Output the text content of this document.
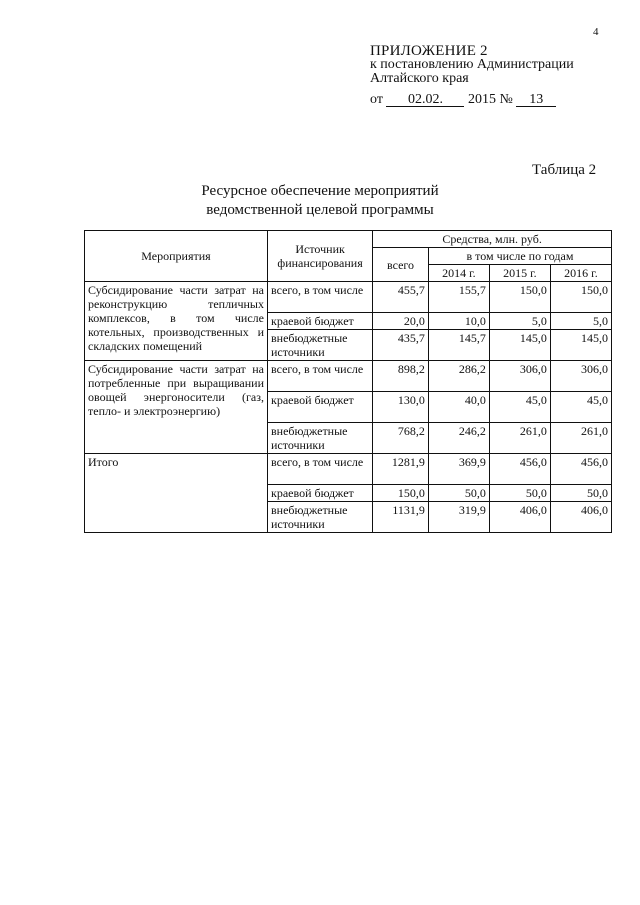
4
ПРИЛОЖЕНИЕ 2
к постановлению Администрации
Алтайского края
от 02.02. 2015 № 13
Таблица 2
Ресурсное обеспечение мероприятий
ведомственной целевой программы
Мероприятия	Источник финансирования	Средства, млн. руб.			
		всего	в том числе по годам		
			2014 г.	2015 г.	2016 г.
Субсидирование части затрат на реконструкцию тепличных комплексов, в том числе котельных, производственных и складских помещений	всего, в том числе	455,7	155,7	150,0	150,0
	краевой бюджет	20,0	10,0	5,0	5,0
	внебюджетные источники	435,7	145,7	145,0	145,0
Субсидирование части затрат на потребленные при выращивании овощей энергоносители (газ, тепло- и электроэнергию)	всего, в том числе	898,2	286,2	306,0	306,0
	краевой бюджет	130,0	40,0	45,0	45,0
	внебюджетные источники	768,2	246,2	261,0	261,0
Итого	всего, в том числе	1281,9	369,9	456,0	456,0
	краевой бюджет	150,0	50,0	50,0	50,0
	внебюджетные источники	1131,9	319,9	406,0	406,0
